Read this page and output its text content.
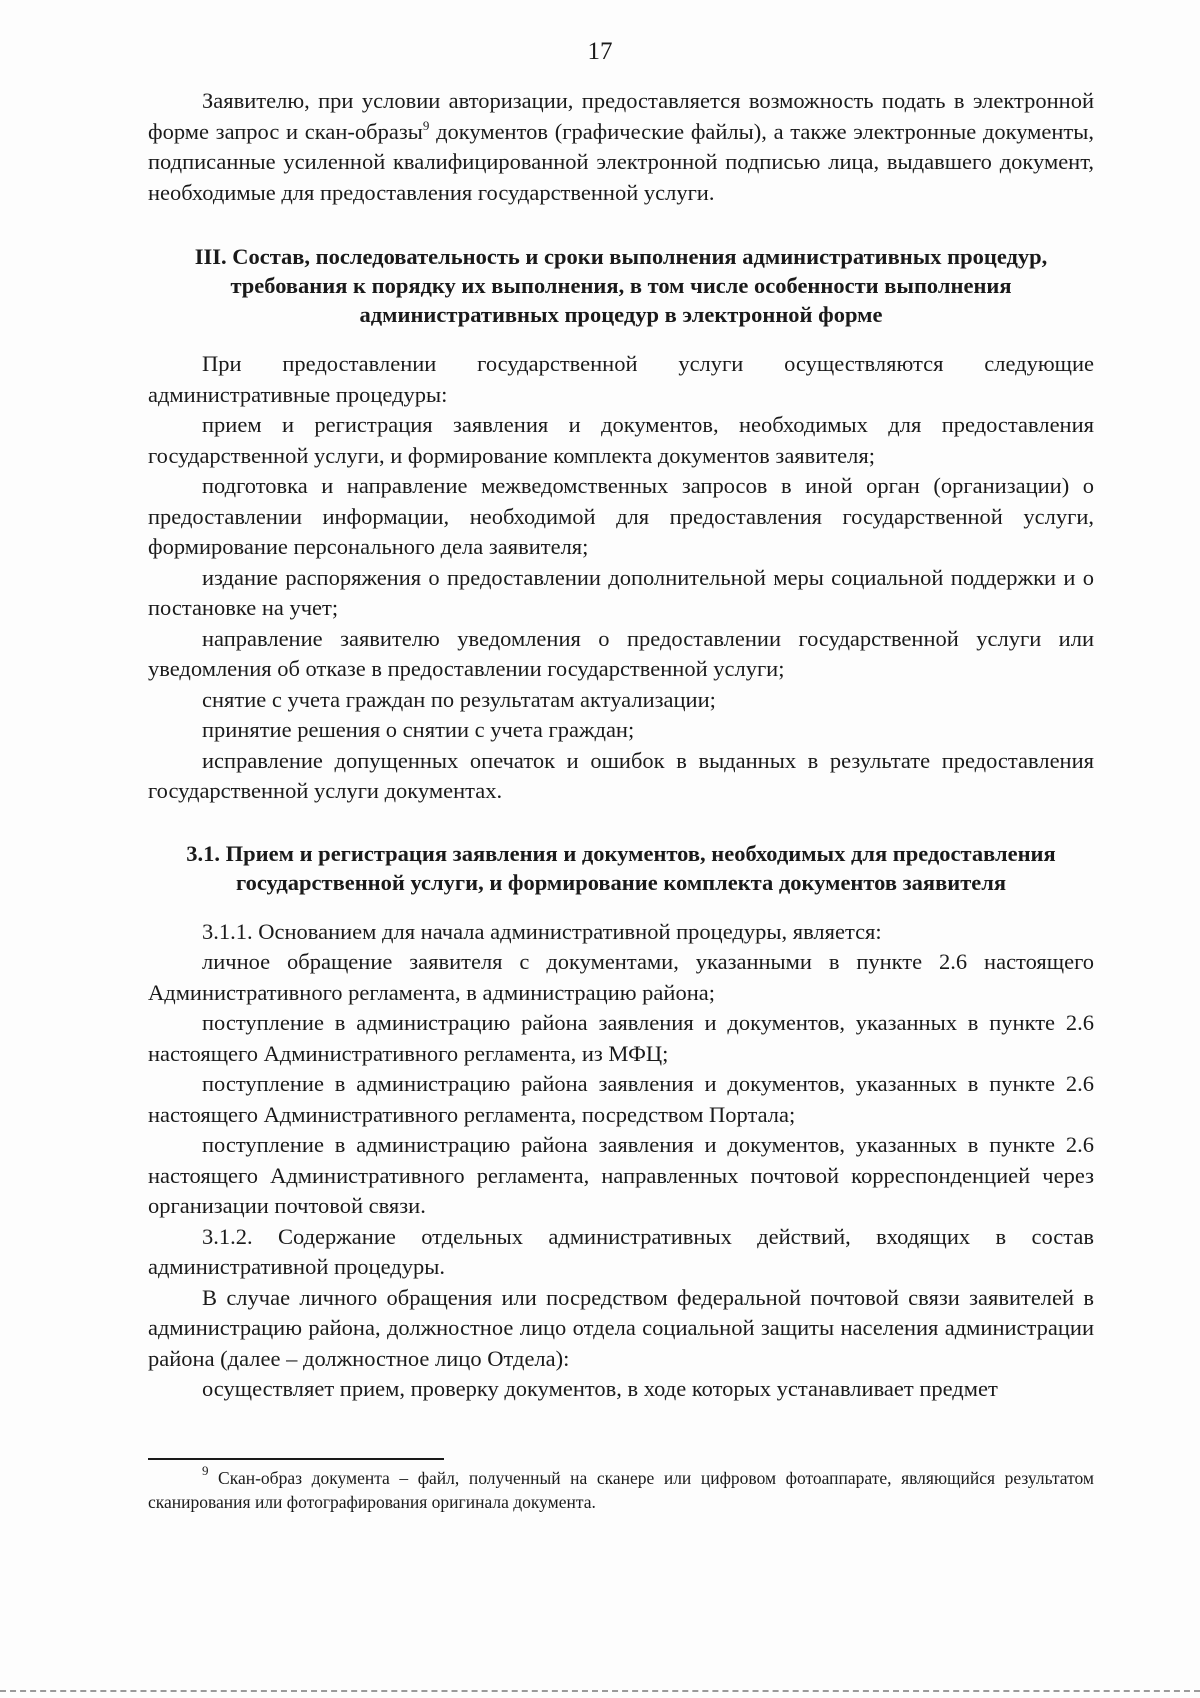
17

Заявителю, при условии авторизации, предоставляется возможность подать в электронной форме запрос и скан-образы$^9$ документов (графические файлы), а также электронные документы, подписанные усиленной квалифицированной электронной подписью лица, выдавшего документ, необходимые для предоставления государственной услуги.

III. Состав, последовательность и сроки выполнения административных процедур, требования к порядку их выполнения, в том числе особенности выполнения административных процедур в электронной форме

При предоставлении государственной услуги осуществляются следующие административные процедуры:

прием и регистрация заявления и документов, необходимых для предоставления государственной услуги, и формирование комплекта документов заявителя;

подготовка и направление межведомственных запросов в иной орган (организации) о предоставлении информации, необходимой для предоставления государственной услуги, формирование персонального дела заявителя;

издание распоряжения о предоставлении дополнительной меры социальной поддержки и о постановке на учет;

направление заявителю уведомления о предоставлении государственной услуги или уведомления об отказе в предоставлении государственной услуги;

снятие с учета граждан по результатам актуализации;

принятие решения о снятии с учета граждан;

исправление допущенных опечаток и ошибок в выданных в результате предоставления государственной услуги документах.

3.1. Прием и регистрация заявления и документов, необходимых для предоставления государственной услуги, и формирование комплекта документов заявителя

3.1.1. Основанием для начала административной процедуры, является:

личное обращение заявителя с документами, указанными в пункте 2.6 настоящего Административного регламента, в администрацию района;

поступление в администрацию района заявления и документов, указанных в пункте 2.6 настоящего Административного регламента, из МФЦ;

поступление в администрацию района заявления и документов, указанных в пункте 2.6 настоящего Административного регламента, посредством Портала;

поступление в администрацию района заявления и документов, указанных в пункте 2.6 настоящего Административного регламента, направленных почтовой корреспонденцией через организации почтовой связи.

3.1.2. Содержание отдельных административных действий, входящих в состав административной процедуры.

В случае личного обращения или посредством федеральной почтовой связи заявителей в администрацию района, должностное лицо отдела социальной защиты населения администрации района (далее – должностное лицо Отдела):

осуществляет прием, проверку документов, в ходе которых устанавливает предмет

$^9$ Скан-образ документа – файл, полученный на сканере или цифровом фотоаппарате, являющийся результатом сканирования или фотографирования оригинала документа.
